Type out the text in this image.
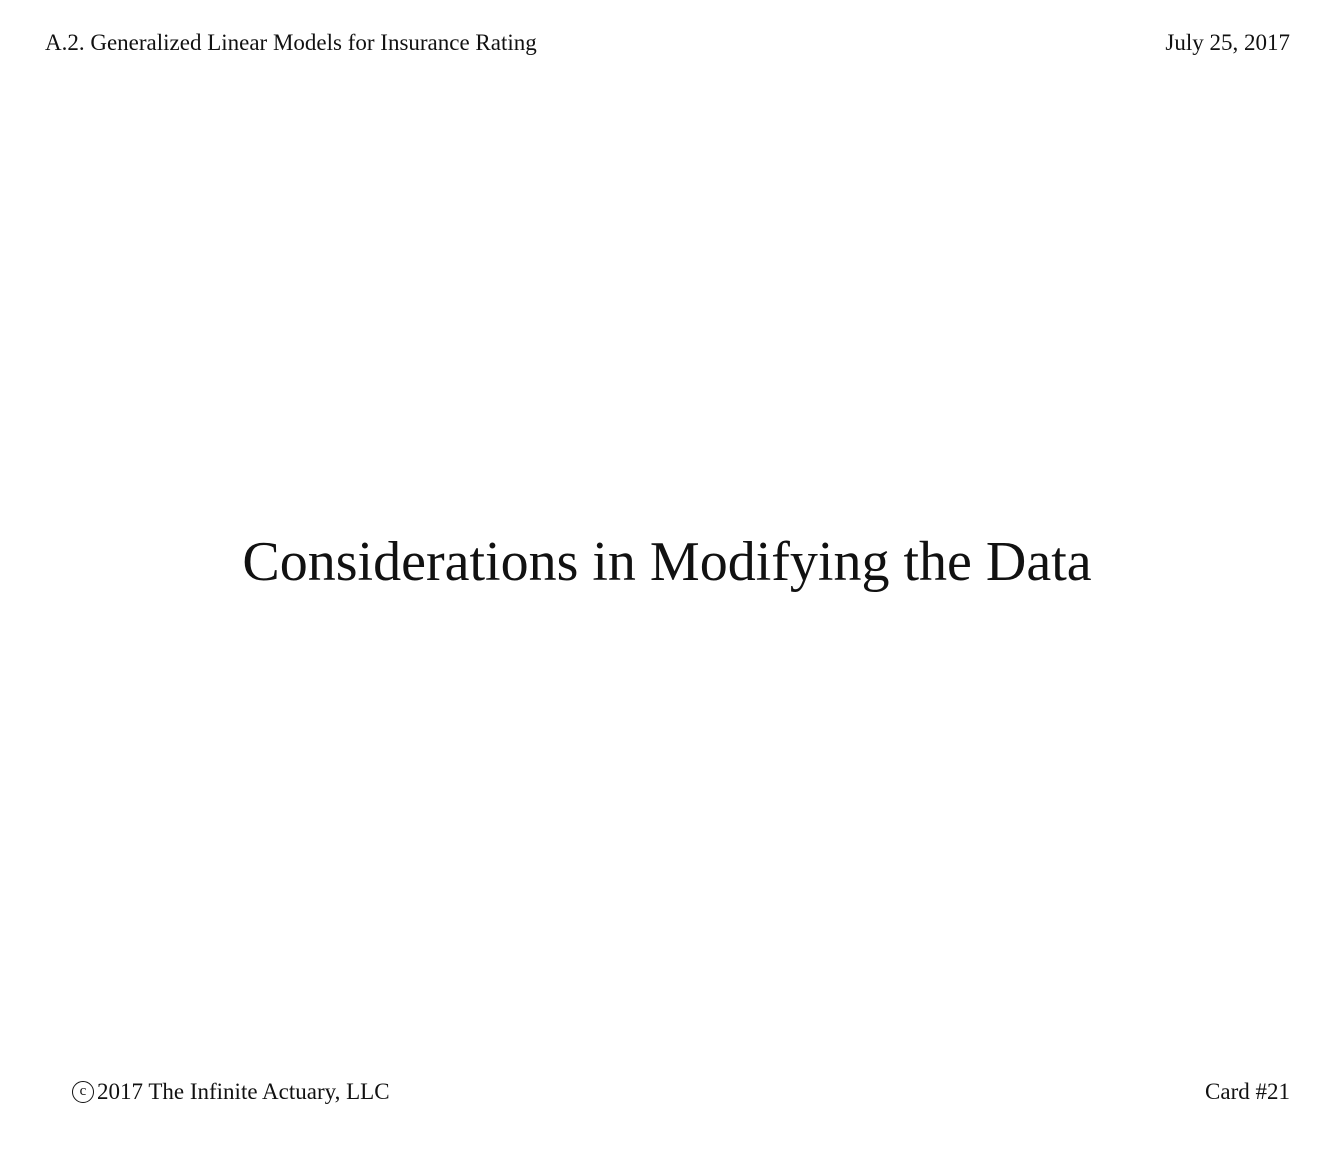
A.2. Generalized Linear Models for Insurance Rating	July 25, 2017
Considerations in Modifying the Data
c 2017 The Infinite Actuary, LLC	Card #21
